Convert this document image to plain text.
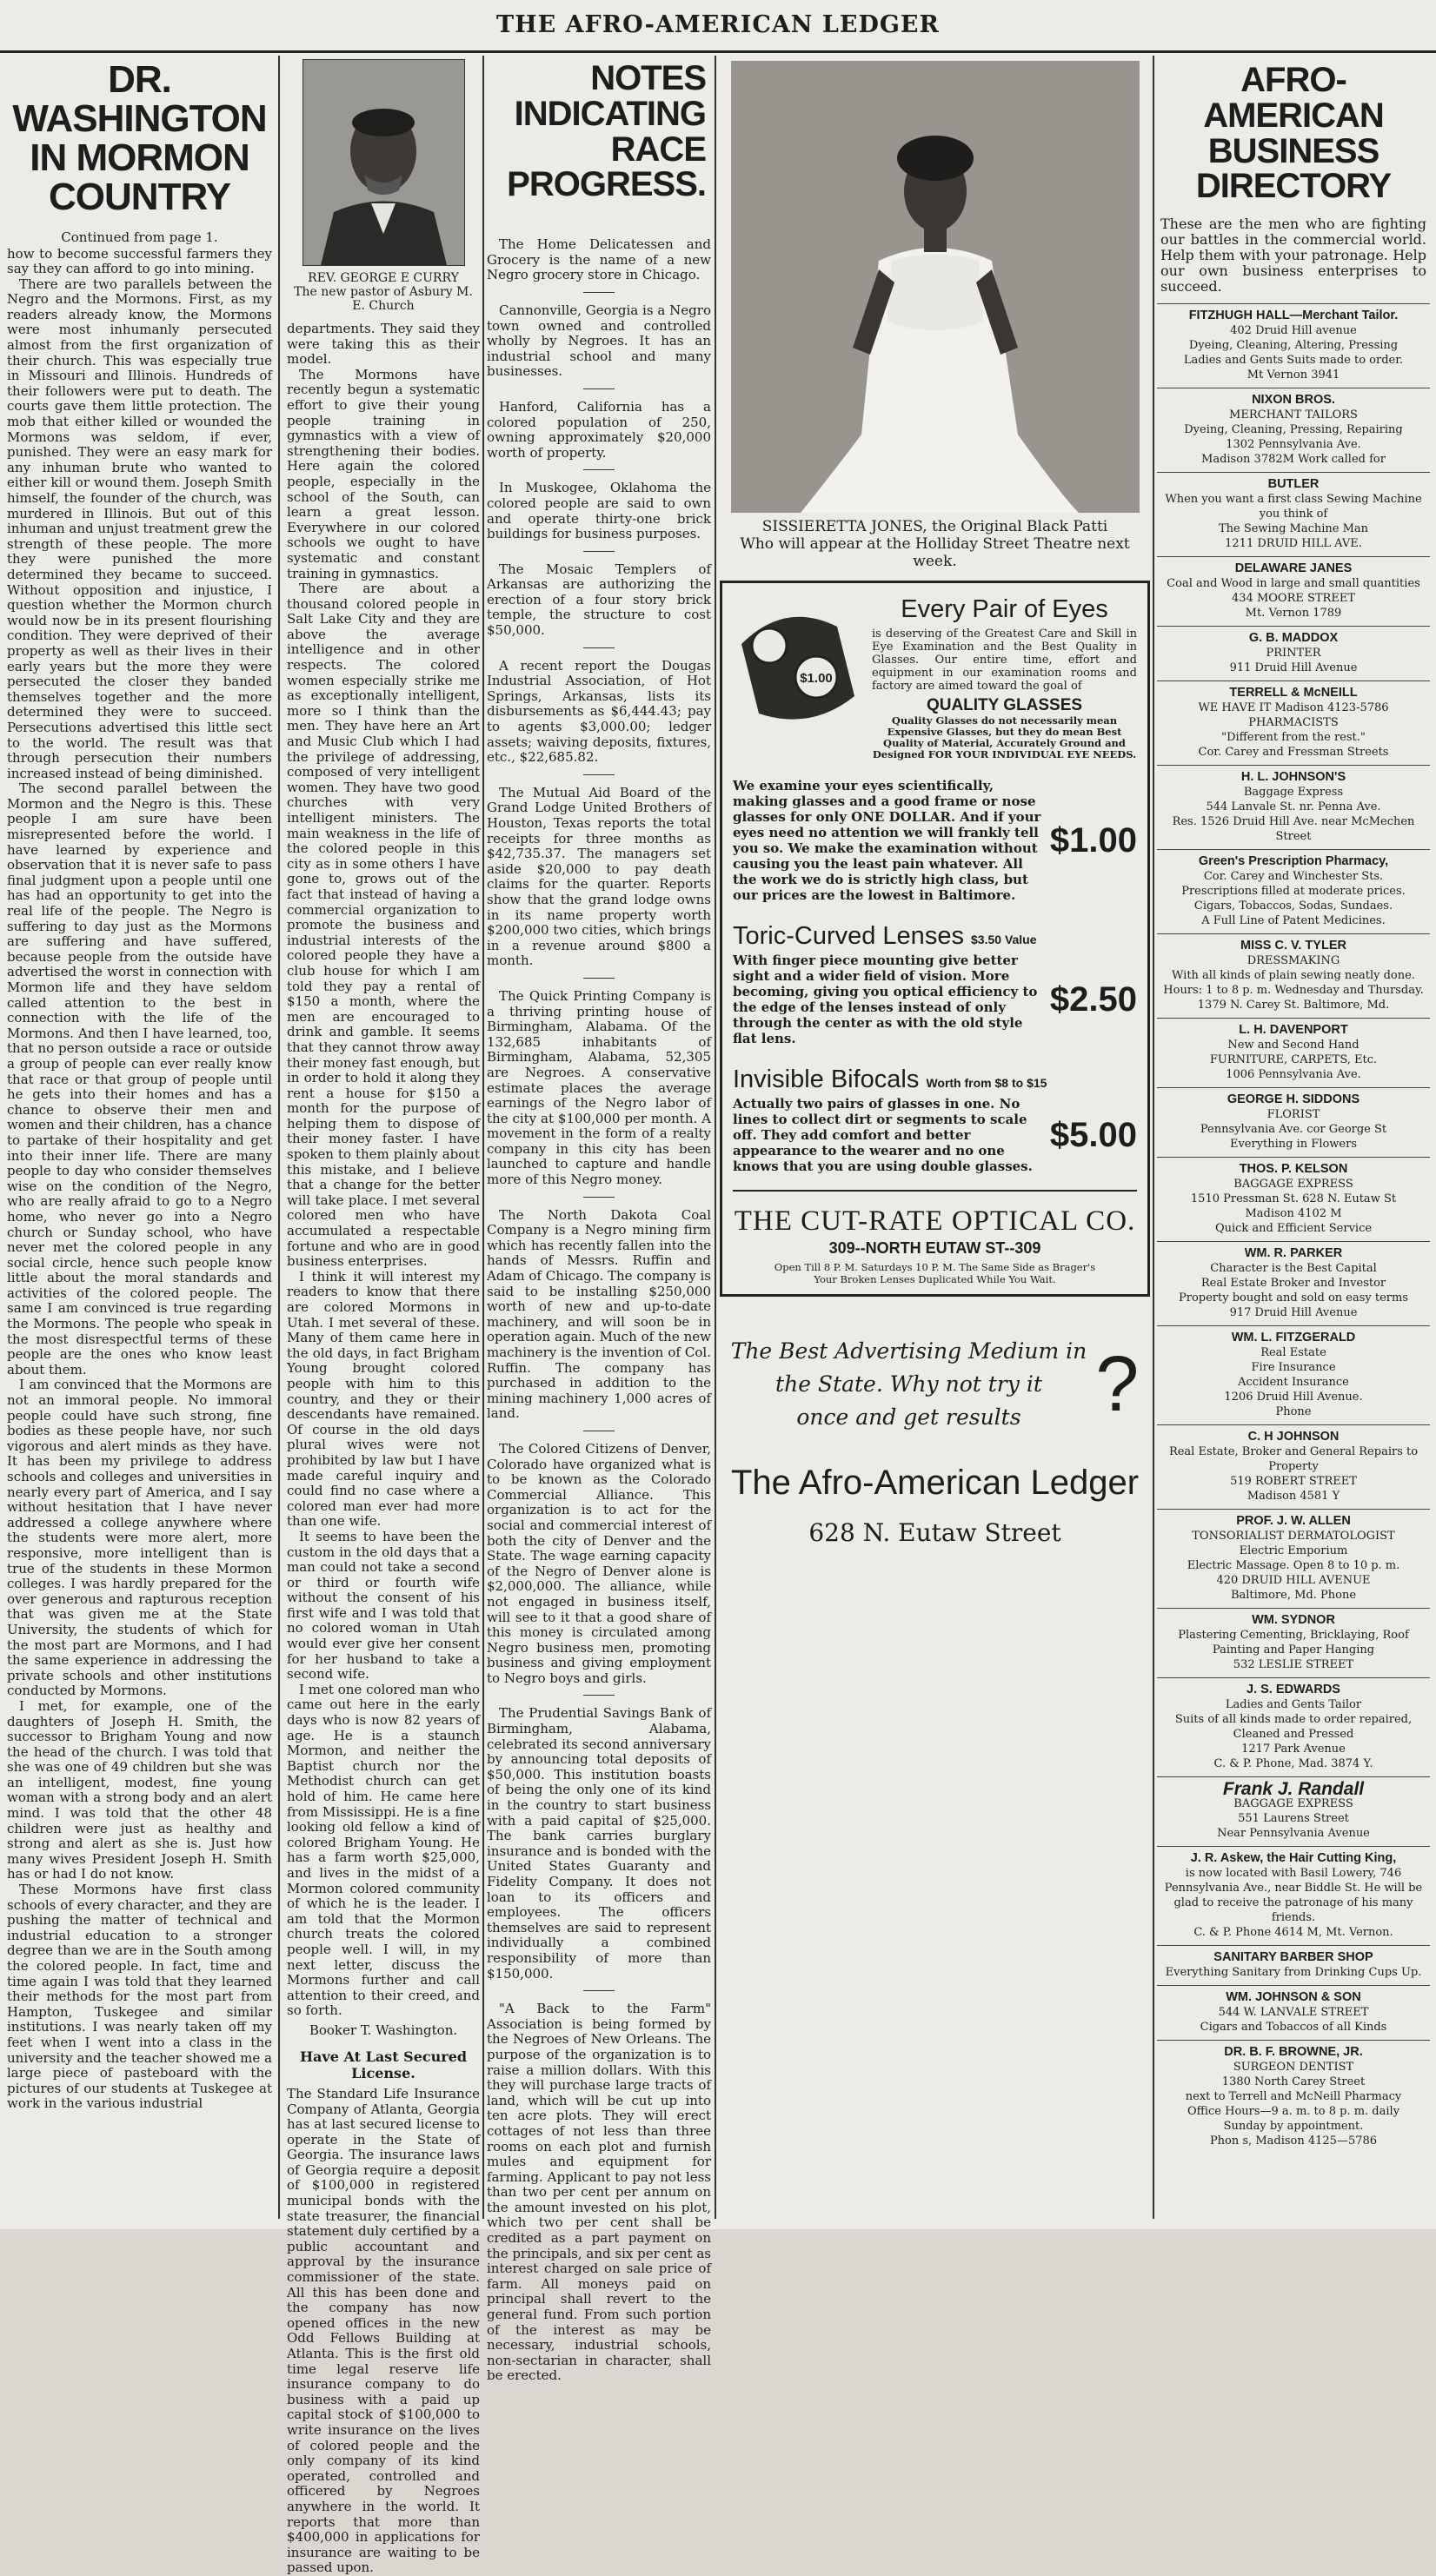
THE AFRO-AMERICAN LEDGER
DR. WASHINGTON IN MORMON COUNTRY

Continued from page 1.

how to become successful farmers they say they can afford to go into mining.

There are two parallels between the Negro and the Mormons. First, as my readers already know, the Mormons were most inhumanly persecuted almost from the first organization of their church. This was especially true in Missouri and Illinois. Hundreds of their followers were put to death. The courts gave them little protection. The mob that either killed or wounded the Mormons was seldom, if ever, punished. They were an easy mark for any inhuman brute who wanted to either kill or wound them. Joseph Smith himself, the founder of the church, was murdered in Illinois. But out of this inhuman and unjust treatment grew the strength of these people. The more they were punished the more determined they became to succeed. Without opposition and injustice, I question whether the Mormon church would now be in its present flourishing condition. They were deprived of their property as well as their lives in their early years but the more they were persecuted the closer they banded themselves together and the more determined they were to succeed. Persecutions advertised this little sect to the world. The result was that through persecution their numbers increased instead of being diminished.

The second parallel between the Mormon and the Negro is this. These people I am sure have been misrepresented before the world. I have learned by experience and observation that it is never safe to pass final judgment upon a people until one has had an opportunity to get into the real life of the people. The Negro is suffering to day just as the Mormons are suffering and have suffered, because people from the outside have advertised the worst in connection with Mormon life and they have seldom called attention to the best in connection with the life of the Mormons. And then I have learned, too, that no person outside a race or outside a group of people can ever really know that race or that group of people until he gets into their homes and has a chance to observe their men and women and their children, has a chance to partake of their hospitality and get into their inner life. There are many people to day who consider themselves wise on the condition of the Negro, who are really afraid to go to a Negro home, who never go into a Negro church or Sunday school, who have never met the colored people in any social circle, hence such people know little about the moral standards and activities of the colored people. The same I am convinced is true regarding the Mormons. The people who speak in the most disrespectful terms of these people are the ones who know least about them.

I am convinced that the Mormons are not an immoral people. No immoral people could have such strong, fine bodies as these people have, nor such vigorous and alert minds as they have. It has been my privilege to address schools and colleges and universities in nearly every part of America, and I say without hesitation that I have never addressed a college anywhere where the students were more alert, more responsive, more intelligent than is true of the students in these Mormon colleges. I was hardly prepared for the over generous and rapturous reception that was given me at the State University, the students of which for the most part are Mormons, and I had the same experience in addressing the private schools and other institutions conducted by Mormons.

I met, for example, one of the daughters of Joseph H. Smith, the successor to Brigham Young and now the head of the church. I was told that she was one of 49 children but she was an intelligent, modest, fine young woman with a strong body and an alert mind. I was told that the other 48 children were just as healthy and strong and alert as she is. Just how many wives President Joseph H. Smith has or had I do not know.

These Mormons have first class schools of every character, and they are pushing the matter of technical and industrial education to a stronger degree than we are in the South among the colored people. In fact, time and time again I was told that they learned their methods for the most part from Hampton, Tuskegee and similar institutions. I was nearly taken off my feet when I went into a class in the university and the teacher showed me a large piece of pasteboard with the pictures of our students at Tuskegee at work in the various industrial

REV. GEORGE E CURRY
The new pastor of Asbury M. E. Church

departments. They said they were taking this as their model.

The Mormons have recently begun a systematic effort to give their young people training in gymnastics with a view of strengthening their bodies. Here again the colored people, especially in the school of the South, can learn a great lesson. Everywhere in our colored schools we ought to have systematic and constant training in gymnastics.

There are about a thousand colored people in Salt Lake City and they are above the average intelligence and in other respects. The colored women especially strike me as exceptionally intelligent, more so I think than the men. They have here an Art and Music Club which I had the privilege of addressing, composed of very intelligent women. They have two good churches with very intelligent ministers. The main weakness in the life of the colored people in this city as in some others I have gone to, grows out of the fact that instead of having a commercial organization to promote the business and industrial interests of the colored people they have a club house for which I am told they pay a rental of $150 a month, where the men are encouraged to drink and gamble. It seems that they cannot throw away their money fast enough, but in order to hold it along they rent a house for $150 a month for the purpose of helping them to dispose of their money faster. I have spoken to them plainly about this mistake, and I believe that a change for the better will take place. I met several colored men who have accumulated a respectable fortune and who are in good business enterprises.

I think it will interest my readers to know that there are colored Mormons in Utah. I met several of these. Many of them came here in the old days, in fact Brigham Young brought colored people with him to this country, and they or their descendants have remained. Of course in the old days plural wives were not prohibited by law but I have made careful inquiry and could find no case where a colored man ever had more than one wife.

It seems to have been the custom in the old days that a man could not take a second or third or fourth wife without the consent of his first wife and I was told that no colored woman in Utah would ever give her consent for her husband to take a second wife.

I met one colored man who came out here in the early days who is now 82 years of age. He is a staunch Mormon, and neither the Baptist church nor the Methodist church can get hold of him. He came here from Mississippi. He is a fine looking old fellow a kind of colored Brigham Young. He has a farm worth $25,000, and lives in the midst of a Mormon colored community of which he is the leader. I am told that the Mormon church treats the colored people well. I will, in my next letter, discuss the Mormons further and call attention to their creed, and so forth.

Booker T. Washington.

Have At Last Secured License.

The Standard Life Insurance Company of Atlanta, Georgia has at last secured license to operate in the State of Georgia. The insurance laws of Georgia require a deposit of $100,000 in registered municipal bonds with the state treasurer, the financial statement duly certified by a public accountant and approval by the insurance commissioner of the state. All this has been done and the company has now opened offices in the new Odd Fellows Building at Atlanta. This is the first old time legal reserve life insurance company to do business with a paid up capital stock of $100,000 to write insurance on the lives of colored people and the only company of its kind operated, controlled and officered by Negroes anywhere in the world. It reports that more than $400,000 in applications for insurance are waiting to be passed upon.

NOTES INDICATING RACE PROGRESS.

The Home Delicatessen and Grocery is the name of a new Negro grocery store in Chicago.

Cannonville, Georgia is a Negro town owned and controlled wholly by Negroes. It has an industrial school and many businesses.

Hanford, California has a colored population of 250, owning approximately $20,000 worth of property.

In Muskogee, Oklahoma the colored people are said to own and operate thirty-one brick buildings for business purposes.

The Mosaic Templers of Arkansas are authorizing the erection of a four story brick temple, the structure to cost $50,000.

A recent report the Dougas Industrial Association, of Hot Springs, Arkansas, lists its disbursements as $6,444.43; pay to agents $3,000.00; ledger assets; waiving deposits, fixtures, etc., $22,685.82.

The Mutual Aid Board of the Grand Lodge United Brothers of Houston, Texas reports the total receipts for three months as $42,735.37. The managers set aside $20,000 to pay death claims for the quarter. Reports show that the grand lodge owns in its name property worth $200,000 two cities, which brings in a revenue around $800 a month.

The Quick Printing Company is a thriving printing house of Birmingham, Alabama. Of the 132,685 inhabitants of Birmingham, Alabama, 52,305 are Negroes. A conservative estimate places the average earnings of the Negro labor of the city at $100,000 per month. A movement in the form of a realty company in this city has been launched to capture and handle more of this Negro money.

The North Dakota Coal Company is a Negro mining firm which has recently fallen into the hands of Messrs. Ruffin and Adam of Chicago. The company is said to be installing $250,000 worth of new and up-to-date machinery, and will soon be in operation again. Much of the new machinery is the invention of Col. Ruffin. The company has purchased in addition to the mining machinery 1,000 acres of land.

The Colored Citizens of Denver, Colorado have organized what is to be known as the Colorado Commercial Alliance. This organization is to act for the social and commercial interest of both the city of Denver and the State. The wage earning capacity of the Negro of Denver alone is $2,000,000. The alliance, while not engaged in business itself, will see to it that a good share of this money is circulated among Negro business men, promoting business and giving employment to Negro boys and girls.

The Prudential Savings Bank of Birmingham, Alabama, celebrated its second anniversary by announcing total deposits of $50,000. This institution boasts of being the only one of its kind in the country to start business with a paid capital of $25,000. The bank carries burglary insurance and is bonded with the United States Guaranty and Fidelity Company. It does not loan to its officers and employees. The officers themselves are said to represent individually a combined responsibility of more than $150,000.

"A Back to the Farm" Association is being formed by the Negroes of New Orleans. The purpose of the organization is to raise a million dollars. With this they will purchase large tracts of land, which will be cut up into ten acre plots. They will erect cottages of not less than three rooms on each plot and furnish mules and equipment for farming. Applicant to pay not less than two per cent per annum on the amount invested on his plot, which two per cent shall be credited as a part payment on the principals, and six per cent as interest charged on sale price of farm. All moneys paid on principal shall revert to the general fund. From such portion of the interest as may be necessary, industrial schools, non-sectarian in character, shall be erected.

SISSIERETTA JONES, the Original Black Patti
Who will appear at the Holliday Street Theatre next week.

$1.00
Every Pair of Eyes

is deserving of the Greatest Care and Skill in Eye Examination and the Best Quality in Glasses. Our entire time, effort and equipment in our examination rooms and factory are aimed toward the goal of

QUALITY GLASSES

Quality Glasses do not necessarily mean Expensive Glasses, but they do mean Best Quality of Material, Accurately Ground and Designed FOR YOUR INDIVIDUAL EYE NEEDS.

We examine your eyes scientifically, making glasses and a good frame or nose glasses for only ONE DOLLAR. And if your eyes need no attention we will frankly tell you so. We make the examination without causing you the least pain whatever. All the work we do is strictly high class, but our prices are the lowest in Baltimore.
$1.00
Toric-Curved Lenses $3.50 Value
With finger piece mounting give better sight and a wider field of vision. More becoming, giving you optical efficiency to the edge of the lenses instead of only through the center as with the old style flat lens.
$2.50
Invisible Bifocals Worth from $8 to $15
Actually two pairs of glasses in one. No lines to collect dirt or segments to scale off. They add comfort and better appearance to the wearer and no one knows that you are using double glasses.
$5.00
THE CUT-RATE OPTICAL CO.
309--NORTH EUTAW ST--309

Open Till 8 P. M. Saturdays 10 P. M. The Same Side as Brager's

Your Broken Lenses Duplicated While You Wait.

The Best Advertising Medium in

the State. Why not try it

once and get results ?
The Afro-American Ledger

628 N. Eutaw Street

AFRO-AMERICAN BUSINESS DIRECTORY

These are the men who are fighting our battles in the commercial world. Help them with your patronage. Help our own business enterprises to succeed.

FITZHUGH HALL—Merchant Tailor.
402 Druid Hill avenue
Dyeing, Cleaning, Altering, Pressing
Ladies and Gents Suits made to order.
Mt Vernon 3941
NIXON BROS.
MERCHANT TAILORS
Dyeing, Cleaning, Pressing, Repairing
1302 Pennsylvania Ave.
Madison 3782M Work called for
BUTLER
When you want a first class Sewing Machine you think of
The Sewing Machine Man
1211 DRUID HILL AVE.
DELAWARE JANES
Coal and Wood in large and small quantities
434 MOORE STREET
Mt. Vernon 1789
G. B. MADDOX
PRINTER
911 Druid Hill Avenue
TERRELL & McNEILL
WE HAVE IT Madison 4123-5786
PHARMACISTS
"Different from the rest."
Cor. Carey and Fressman Streets
H. L. JOHNSON'S
Baggage Express
544 Lanvale St. nr. Penna Ave.
Res. 1526 Druid Hill Ave. near McMechen Street
Green's Prescription Pharmacy,
Cor. Carey and Winchester Sts.
Prescriptions filled at moderate prices.
Cigars, Tobaccos, Sodas, Sundaes.
A Full Line of Patent Medicines.
MISS C. V. TYLER
DRESSMAKING
With all kinds of plain sewing neatly done. Hours: 1 to 8 p. m. Wednesday and Thursday.
1379 N. Carey St. Baltimore, Md.
L. H. DAVENPORT
New and Second Hand
FURNITURE, CARPETS, Etc.
1006 Pennsylvania Ave.
GEORGE H. SIDDONS
FLORIST
Pennsylvania Ave. cor George St
Everything in Flowers
THOS. P. KELSON
BAGGAGE EXPRESS
1510 Pressman St. 628 N. Eutaw St
Madison 4102 M
Quick and Efficient Service
WM. R. PARKER
Character is the Best Capital
Real Estate Broker and Investor
Property bought and sold on easy terms
917 Druid Hill Avenue
WM. L. FITZGERALD
Real Estate
Fire Insurance
Accident Insurance
1206 Druid Hill Avenue.
Phone
C. H JOHNSON
Real Estate, Broker and General Repairs to Property
519 ROBERT STREET
Madison 4581 Y
PROF. J. W. ALLEN
TONSORIALIST DERMATOLOGIST
Electric Emporium
Electric Massage. Open 8 to 10 p. m.
420 DRUID HILL AVENUE
Baltimore, Md. Phone
WM. SYDNOR
Plastering Cementing, Bricklaying, Roof Painting and Paper Hanging
532 LESLIE STREET
J. S. EDWARDS
Ladies and Gents Tailor
Suits of all kinds made to order repaired, Cleaned and Pressed
1217 Park Avenue
C. & P. Phone, Mad. 3874 Y.
Frank J. Randall
BAGGAGE EXPRESS
551 Laurens Street
Near Pennsylvania Avenue
J. R. Askew, the Hair Cutting King,
is now located with Basil Lowery, 746 Pennsylvania Ave., near Biddle St. He will be glad to receive the patronage of his many friends.
C. & P. Phone 4614 M, Mt. Vernon.
SANITARY BARBER SHOP
Everything Sanitary from Drinking Cups Up.
WM. JOHNSON & SON
544 W. LANVALE STREET
Cigars and Tobaccos of all Kinds
DR. B. F. BROWNE, JR.
SURGEON DENTIST
1380 North Carey Street
next to Terrell and McNeill Pharmacy
Office Hours—9 a. m. to 8 p. m. daily
Sunday by appointment.
Phon s, Madison 4125—5786
